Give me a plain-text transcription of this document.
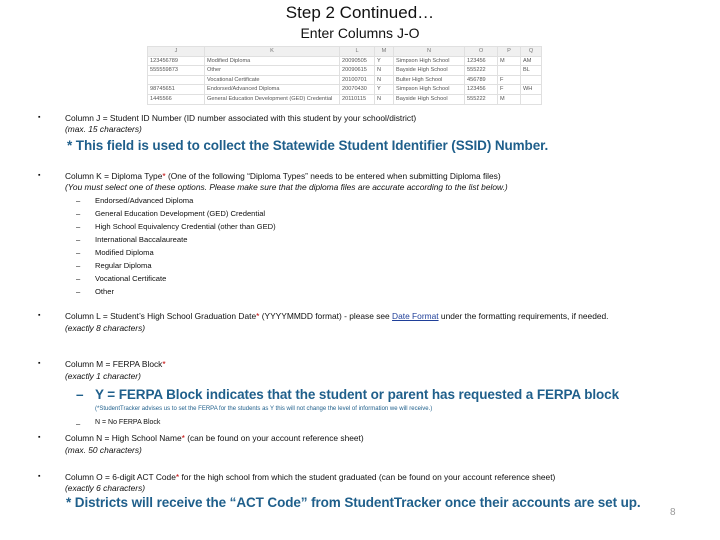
Step 2 Continued…
Enter Columns J-O
J	K	L	M	N	O	P	Q
123456789	Modified Diploma	20090505	Y	Simpson High School	123456	M	AM
555559873	Other	20090615	N	Bayside High School	555222		BL
	Vocational Certificate	20100701	N	Bulter High School	456789	F	
98745651	Endorsed/Advanced Diploma	20070430	Y	Simpson High School	123456	F	WH
1445566	General Education Development (GED) Credential	20110115	N	Bayside High School	555222	M	
▪	Column J = Student ID Number (ID number associated with this student by your school/district)
(max. 15 characters)
* This field is used to collect the Statewide Student Identifier (SSID) Number.
▪	Column K = Diploma Type* (One of the following “Diploma Types” needs to be entered when submitting Diploma files)
(You must select one of these options. Please make sure that the diploma files are accurate according to the list below.)
– Endorsed/Advanced Diploma
– General Education Development (GED) Credential
– High School Equivalency Credential (other than GED)
– International Baccalaureate
– Modified Diploma
– Regular Diploma
– Vocational Certificate
– Other
▪	Column L = Student’s High School Graduation Date* (YYYYMMDD format) - please see Date Format under the formatting requirements, if needed.
(exactly 8 characters)
▪	Column M = FERPA Block*
(exactly 1 character)
– Y = FERPA Block indicates that the student or parent has requested a FERPA block
(*StudentTracker advises us to set the FERPA for the students as Y this will not change the level of information we will receive.)
– N = No FERPA Block
▪	Column N = High School Name* (can be found on your account reference sheet)
(max. 50 characters)
▪	Column O = 6-digit ACT Code* for the high school from which the student graduated (can be found on your account reference sheet)
(exactly 6 characters)
* Districts will receive the “ACT Code” from StudentTracker once their accounts are set up.
8
